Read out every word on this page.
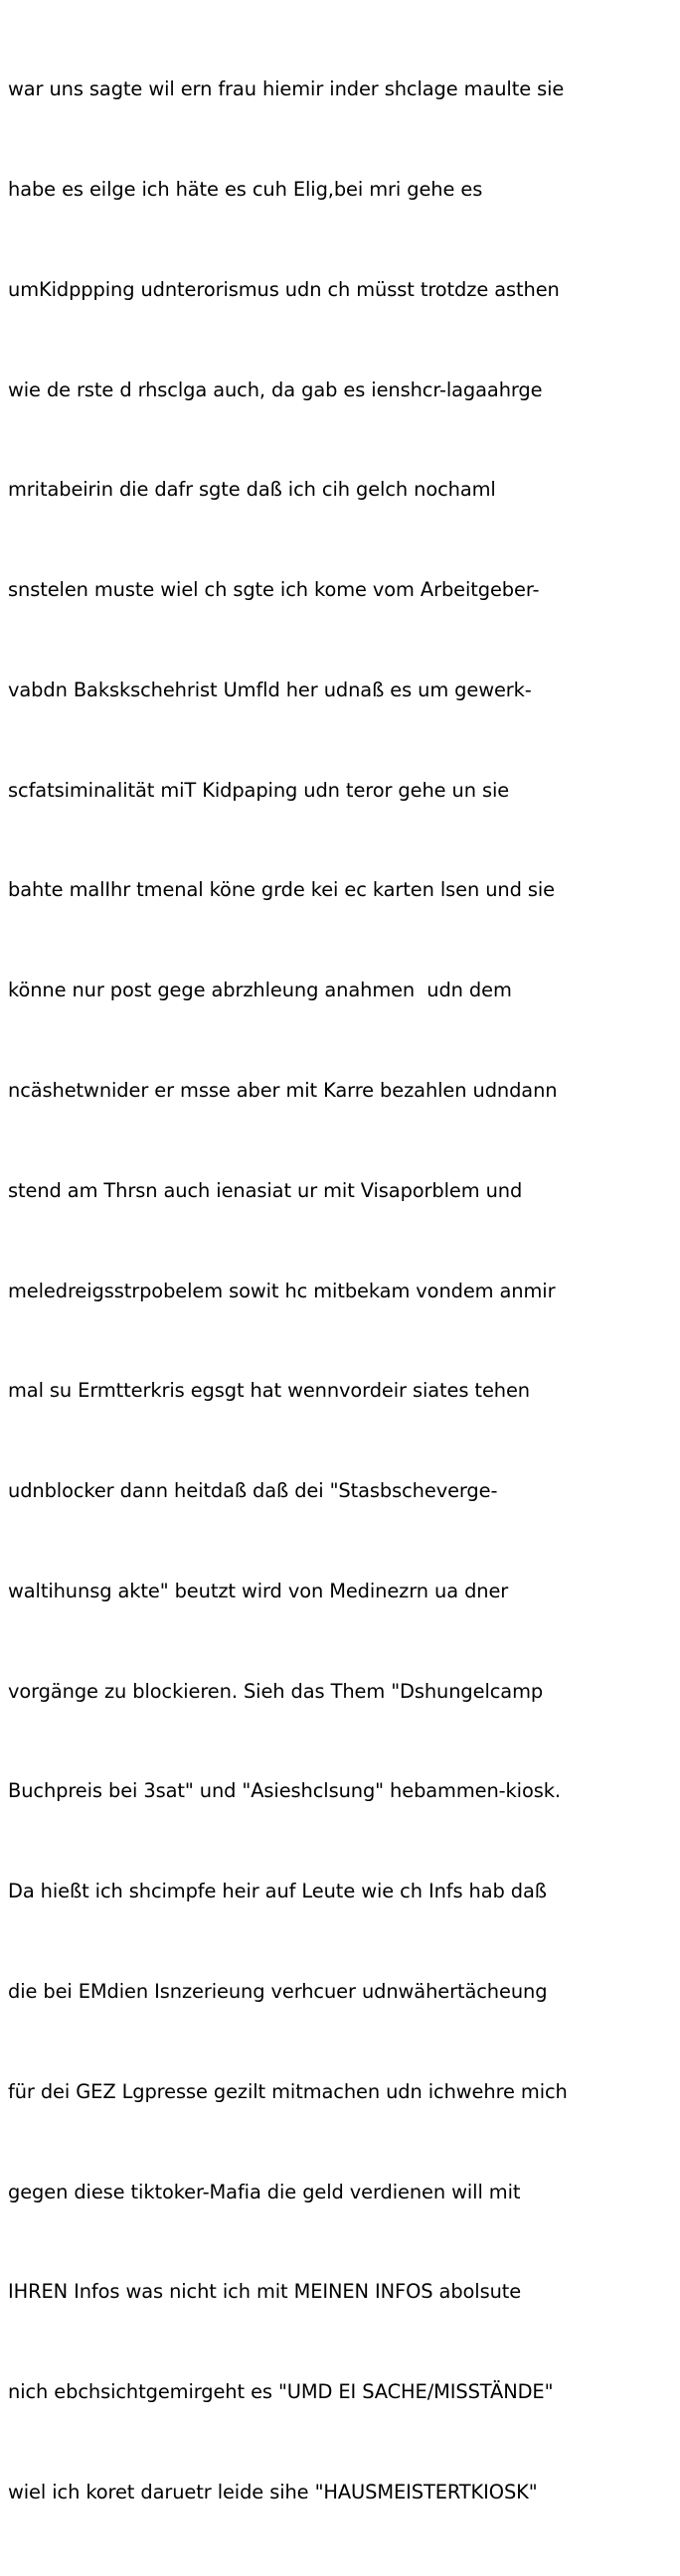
war uns sagte wil ern frau hiemir inder shclage maulte sie

habe es eilge ich häte es cuh Elig,bei mri gehe es

umKidppping udnterorismus udn ch müsst trotdze asthen

wie de rste d rhsclga auch, da gab es ienshcr-lagaahrge

mritabeirin die dafr sgte daß ich cih gelch nochaml

snstelen muste wiel ch sgte ich kome vom Arbeitgeber-

vabdn Bakskschehrist Umfld her udnaß es um gewerk-

scfatsiminalität miT Kidpaping udn teror gehe un sie

bahte malIhr tmenal köne grde kei ec karten lsen und sie

könne nur post gege abrzhleung anahmen  udn dem

ncäshetwnider er msse aber mit Karre bezahlen udndann

stend am Thrsn auch ienasiat ur mit Visaporblem und

meledreigsstrpobelem sowit hc mitbekam vondem anmir

mal su Ermtterkris egsgt hat wennvordeir siates tehen

udnblocker dann heitdaß daß dei "Stasbscheverge-

waltihunsg akte" beutzt wird von Medinezrn ua dner

vorgänge zu blockieren. Sieh das Them "Dshungelcamp

Buchpreis bei 3sat" und "Asieshclsung" hebammen-kiosk.

Da hießt ich shcimpfe heir auf Leute wie ch Infs hab daß

die bei EMdien Isnzerieung verhcuer udnwähertächeung

für dei GEZ Lgpresse gezilt mitmachen udn ichwehre mich

gegen diese tiktoker-Mafia die geld verdienen will mit

IHREN Infos was nicht ich mit MEINEN INFOS abolsute

nich ebchsichtgemirgeht es "UMD EI SACHE/MISSTÄNDE"

wiel ich koret daruetr leide sihe "HAUSMEISTERTKIOSK"
